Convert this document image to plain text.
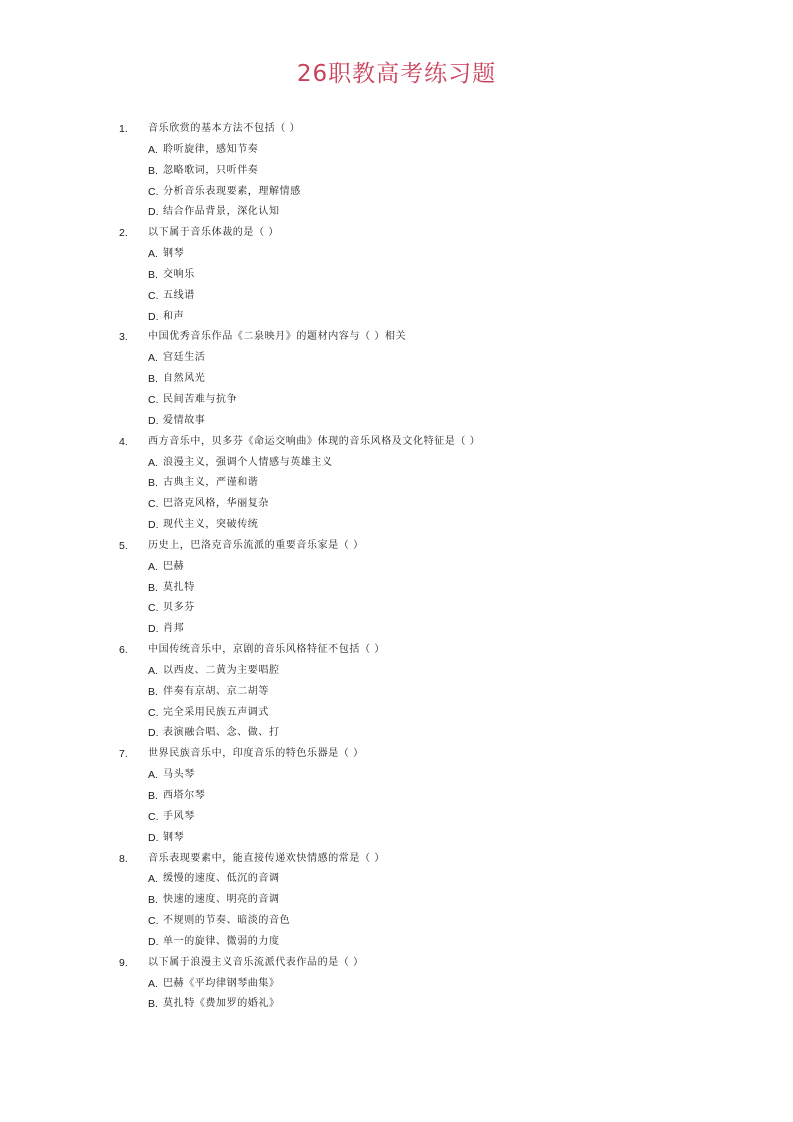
26职教高考练习题
1. 音乐欣赏的基本方法不包括（ ）
A. 聆听旋律，感知节奏
B. 忽略歌词，只听伴奏
C. 分析音乐表现要素，理解情感
D. 结合作品背景，深化认知
2. 以下属于音乐体裁的是（ ）
A. 钢琴
B. 交响乐
C. 五线谱
D. 和声
3. 中国优秀音乐作品《二泉映月》的题材内容与（ ）相关
A. 宫廷生活
B. 自然风光
C. 民间苦难与抗争
D. 爱情故事
4. 西方音乐中，贝多芬《命运交响曲》体现的音乐风格及文化特征是（ ）
A. 浪漫主义，强调个人情感与英雄主义
B. 古典主义，严谨和谐
C. 巴洛克风格，华丽复杂
D. 现代主义，突破传统
5. 历史上，巴洛克音乐流派的重要音乐家是（ ）
A. 巴赫
B. 莫扎特
C. 贝多芬
D. 肖邦
6. 中国传统音乐中，京剧的音乐风格特征不包括（ ）
A. 以西皮、二黄为主要唱腔
B. 伴奏有京胡、京二胡等
C. 完全采用民族五声调式
D. 表演融合唱、念、做、打
7. 世界民族音乐中，印度音乐的特色乐器是（ ）
A. 马头琴
B. 西塔尔琴
C. 手风琴
D. 钢琴
8. 音乐表现要素中，能直接传递欢快情感的常是（ ）
A. 缓慢的速度、低沉的音调
B. 快速的速度、明亮的音调
C. 不规则的节奏、暗淡的音色
D. 单一的旋律、微弱的力度
9. 以下属于浪漫主义音乐流派代表作品的是（ ）
A. 巴赫《平均律钢琴曲集》
B. 莫扎特《费加罗的婚礼》
